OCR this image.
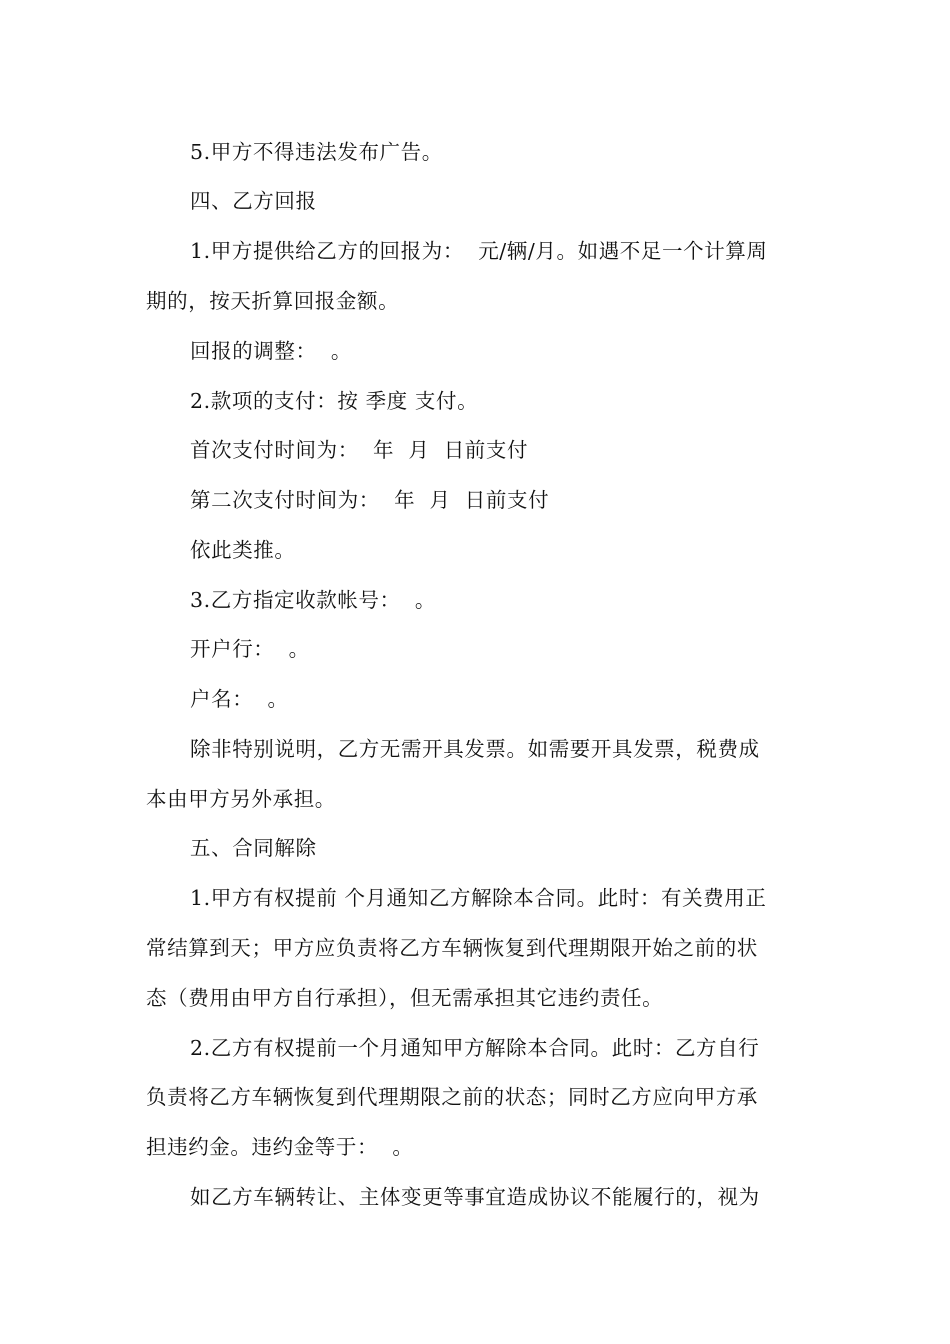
5.甲方不得违法发布广告。
四、乙方回报
1.甲方提供给乙方的回报为：  元/辆/月。如遇不足一个计算周
期的，按天折算回报金额。
回报的调整：  。
2.款项的支付：按 季度 支付。
首次支付时间为：  年  月  日前支付
第二次支付时间为：  年  月  日前支付
依此类推。
3.乙方指定收款帐号：  。
开户行：  。
户名：  。
除非特别说明，乙方无需开具发票。如需要开具发票，税费成
本由甲方另外承担。
五、合同解除
1.甲方有权提前 个月通知乙方解除本合同。此时：有关费用正
常结算到天；甲方应负责将乙方车辆恢复到代理期限开始之前的状
态（费用由甲方自行承担），但无需承担其它违约责任。
2.乙方有权提前一个月通知甲方解除本合同。此时：乙方自行
负责将乙方车辆恢复到代理期限之前的状态；同时乙方应向甲方承
担违约金。违约金等于：  。
如乙方车辆转让、主体变更等事宜造成协议不能履行的，视为
